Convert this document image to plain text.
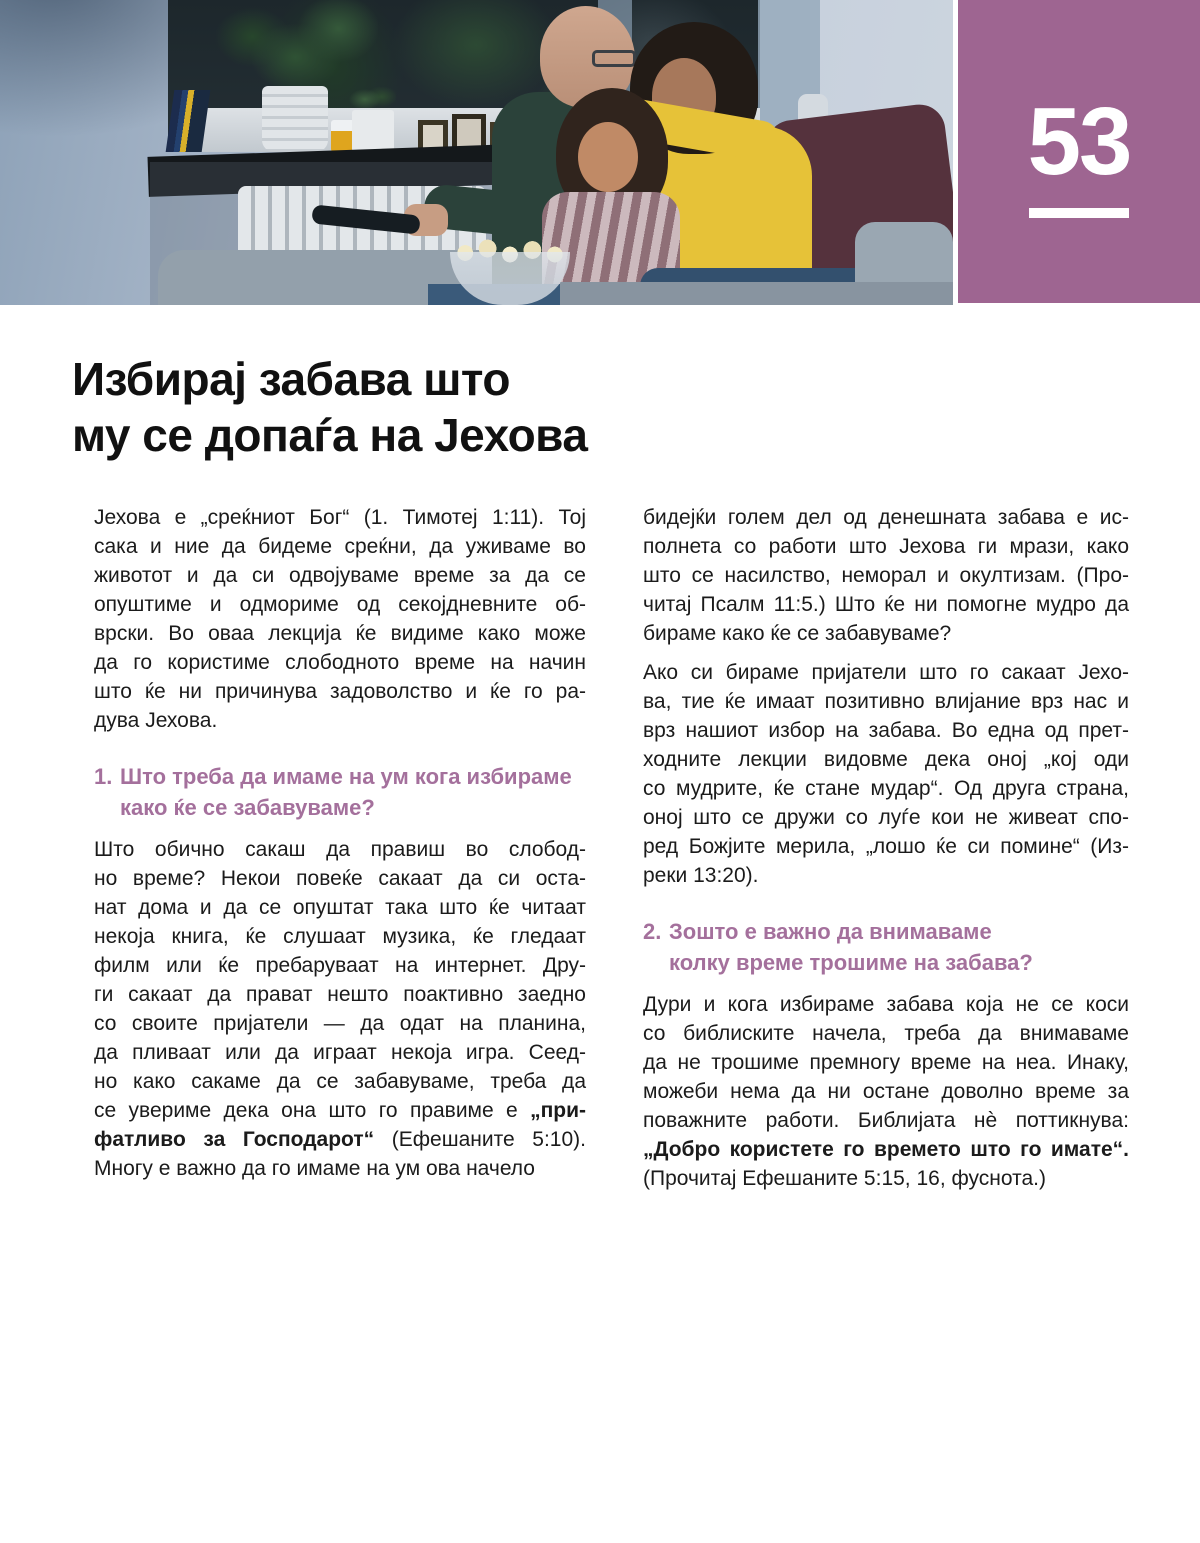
53
Избирај забава што
му се допаѓа на Јехова
Јехова е „среќниот Бог“ (1. Тимотеј 1:11). Тој
сака и ние да бидеме среќни, да уживаме во
животот и да си одвојуваме време за да се
опуштиме и одмориме од секојдневните об-
врски. Во оваа лекција ќе видиме како може
да го користиме слободното време на начин
што ќе ни причинува задоволство и ќе го ра-
дува Јехова.
1. Што треба да имаме на ум кога избираме
како ќе се забавуваме?
Што обично сакаш да правиш во слобод-
но време? Некои повеќе сакаат да си оста-
нат дома и да се опуштат така што ќе читаат
некоја книга, ќе слушаат музика, ќе гледаат
филм или ќе пребаруваат на интернет. Дру-
ги сакаат да прават нешто поактивно заедно
со своите пријатели — да одат на планина,
да пливаат или да играат некоја игра. Сеед-
но како сакаме да се забавуваме, треба да
се увериме дека она што го правиме е „при-
фатливо за Господарот“ (Ефешаните 5:10).
Многу е важно да го имаме на ум ова начело
бидејќи голем дел од денешната забава е ис-
полнета со работи што Јехова ги мрази, како
што се насилство, неморал и окултизам. (Про-
читај Псалм 11:5.) Што ќе ни помогне мудро да
бираме како ќе се забавуваме?
Ако си бираме пријатели што го сакаат Јехо-
ва, тие ќе имаат позитивно влијание врз нас и
врз нашиот избор на забава. Во една од прет-
ходните лекции видовме дека оној „кој оди
со мудрите, ќе стане мудар“. Од друга страна,
оној што се дружи со луѓе кои не живеат спо-
ред Божјите мерила, „лошо ќе си помине“ (Из-
реки 13:20).
2. Зошто е важно да внимаваме
колку време трошиме на забава?
Дури и кога избираме забава која не се коси
со библиските начела, треба да внимаваме
да не трошиме премногу време на неа. Инаку,
можеби нема да ни остане доволно време за
поважните работи. Библијата нѐ поттикнува:
„Добро користете го времето што го имате“.
(Прочитај Ефешаните 5:15, 16, фуснота.)
